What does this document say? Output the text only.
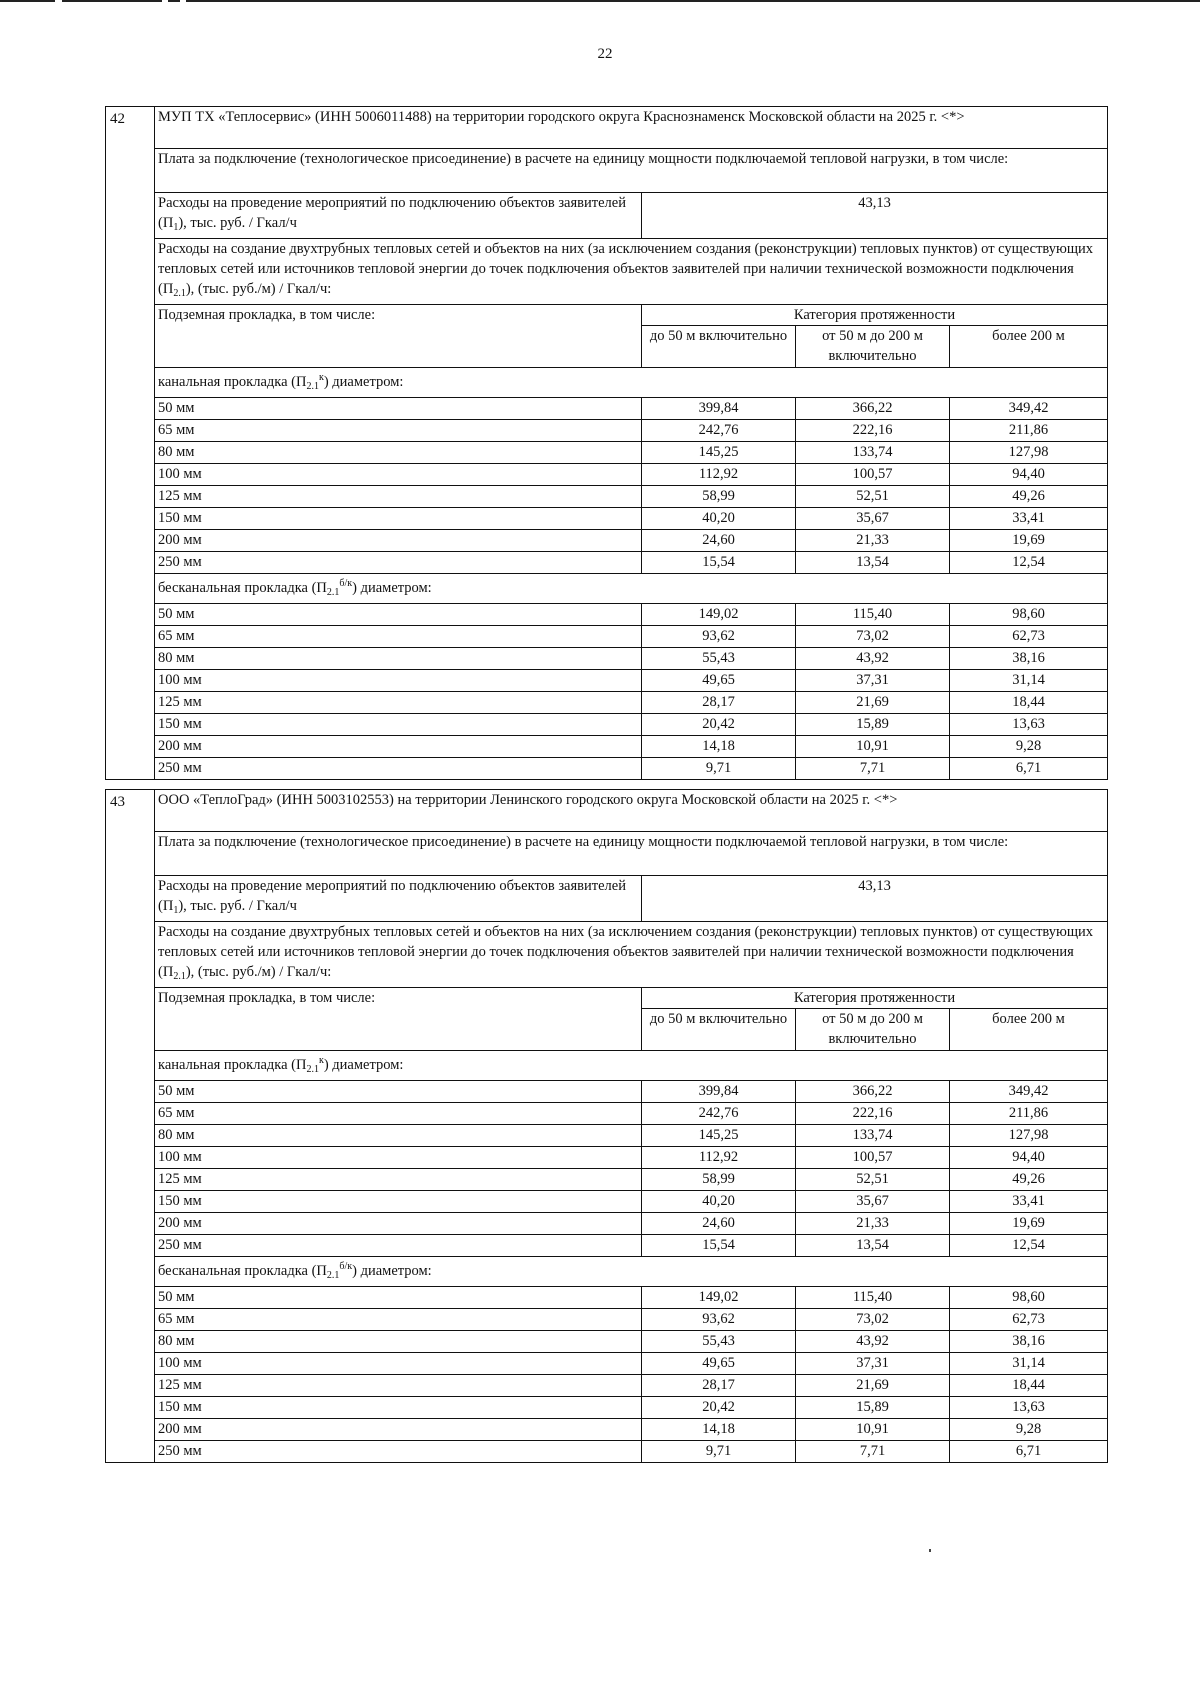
22
42	МУП ТХ «Теплосервис» (ИНН 5006011488) на территории городского округа Краснознаменск Московской области на 2025 г. <*>			
	Плата за подключение (технологическое присоединение) в расчете на единицу мощности подключаемой тепловой нагрузки, в том числе:			
	Расходы на проведение мероприятий по подключению объектов заявителей $(П_1)$, тыс. руб. / Гкал/ч	43,13		
	Расходы на создание двухтрубных тепловых сетей и объектов на них (за исключением создания (реконструкции) тепловых пунктов) от существующих тепловых сетей или источников тепловой энергии до точек подключения объектов заявителей при наличии технической возможности подключения $(П_{2.1})$, (тыс. руб./м) / Гкал/ч:			
	Подземная прокладка, в том числе:	Категория протяженности		
		до 50 м включительно	от 50 м до 200 м включительно	более 200 м
	канальная прокладка $(П_{2.1}^к)$ диаметром:			
	50 мм	399,84	366,22	349,42
	65 мм	242,76	222,16	211,86
	80 мм	145,25	133,74	127,98
	100 мм	112,92	100,57	94,40
	125 мм	58,99	52,51	49,26
	150 мм	40,20	35,67	33,41
	200 мм	24,60	21,33	19,69
	250 мм	15,54	13,54	12,54
	бесканальная прокладка $(П_{2.1}^{б/к})$ диаметром:			
	50 мм	149,02	115,40	98,60
	65 мм	93,62	73,02	62,73
	80 мм	55,43	43,92	38,16
	100 мм	49,65	37,31	31,14
	125 мм	28,17	21,69	18,44
	150 мм	20,42	15,89	13,63
	200 мм	14,18	10,91	9,28
	250 мм	9,71	7,71	6,71
43	ООО «ТеплоГрад» (ИНН 5003102553) на территории Ленинского городского округа Московской области на 2025 г. <*>			
	Плата за подключение (технологическое присоединение) в расчете на единицу мощности подключаемой тепловой нагрузки, в том числе:			
	Расходы на проведение мероприятий по подключению объектов заявителей $(П_1)$, тыс. руб. / Гкал/ч	43,13		
	Расходы на создание двухтрубных тепловых сетей и объектов на них (за исключением создания (реконструкции) тепловых пунктов) от существующих тепловых сетей или источников тепловой энергии до точек подключения объектов заявителей при наличии технической возможности подключения $(П_{2.1})$, (тыс. руб./м) / Гкал/ч:			
	Подземная прокладка, в том числе:	Категория протяженности		
		до 50 м включительно	от 50 м до 200 м включительно	более 200 м
	канальная прокладка $(П_{2.1}^к)$ диаметром:			
	50 мм	399,84	366,22	349,42
	65 мм	242,76	222,16	211,86
	80 мм	145,25	133,74	127,98
	100 мм	112,92	100,57	94,40
	125 мм	58,99	52,51	49,26
	150 мм	40,20	35,67	33,41
	200 мм	24,60	21,33	19,69
	250 мм	15,54	13,54	12,54
	бесканальная прокладка $(П_{2.1}^{б/к})$ диаметром:			
	50 мм	149,02	115,40	98,60
	65 мм	93,62	73,02	62,73
	80 мм	55,43	43,92	38,16
	100 мм	49,65	37,31	31,14
	125 мм	28,17	21,69	18,44
	150 мм	20,42	15,89	13,63
	200 мм	14,18	10,91	9,28
	250 мм	9,71	7,71	6,71
